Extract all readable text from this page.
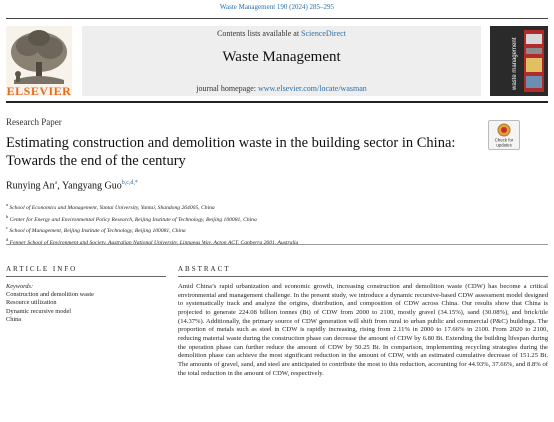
Waste Management 190 (2024) 285–295
ELSEVIER
Contents lists available at ScienceDirect
Waste Management
journal homepage: www.elsevier.com/locate/wasman	waste management
Research Paper
Check for
updates
Estimating construction and demolition waste in the building sector in China: Towards the end of the century
Runying An$^a$, Yangyang Guo$^{b,c,d,*}$
$^a$ School of Economics and Management, Yantai University, Yantai, Shandong 264005, China
$^b$ Center for Energy and Environmental Policy Research, Beijing Institute of Technology, Beijing 100081, China
$^c$ School of Management, Beijing Institute of Technology, Beijing 100081, China
$^d$ Fenner School of Environment and Society, Australian National University, Linnaeus Way, Acton ACT, Canberra 2601, Australia
ARTICLE INFO	ABSTRACT
Keywords:
Construction and demolition waste
Resource utilization
Dynamic recursive model
China
Amid China’s rapid urbanization and economic growth, increasing construction and demolition waste (CDW) has become a critical environmental and management challenge. In the present study, we introduce a dynamic recursive-based CDW assessment model designed to systematically track and analyze the origins, distribution, and composition of CDW across China. Our results show that China is projected to generate 224.08 billion tonnes (Bt) of CDW from 2000 to 2100, mostly gravel (34.15%), sand (30.08%), and brick/tile (14.37%). Additionally, the primary source of CDW generation will shift from rural to urban public and commercial (P&C) buildings. The proportion of metals such as steel in CDW is rapidly increasing, rising from 2.11% in 2000 to 17.66% in 2100. From 2020 to 2100, reducing material waste during the construction phase can decrease the amount of CDW by 6.80 Bt. Extending the building lifespan during the operation phase can further reduce the amount of CDW by 50.25 Bt. In comparison, implementing recycling strategies during the demolition phase can achieve the most significant reduction in the amount of CDW, with an estimated cumulative decrease of 151.25 Bt. The amounts of gravel, sand, and steel are anticipated to contribute the most to this reduction, accounting for 44.93%, 37.66%, and 8.8% of the total reduction in the amount of CDW, respectively.
